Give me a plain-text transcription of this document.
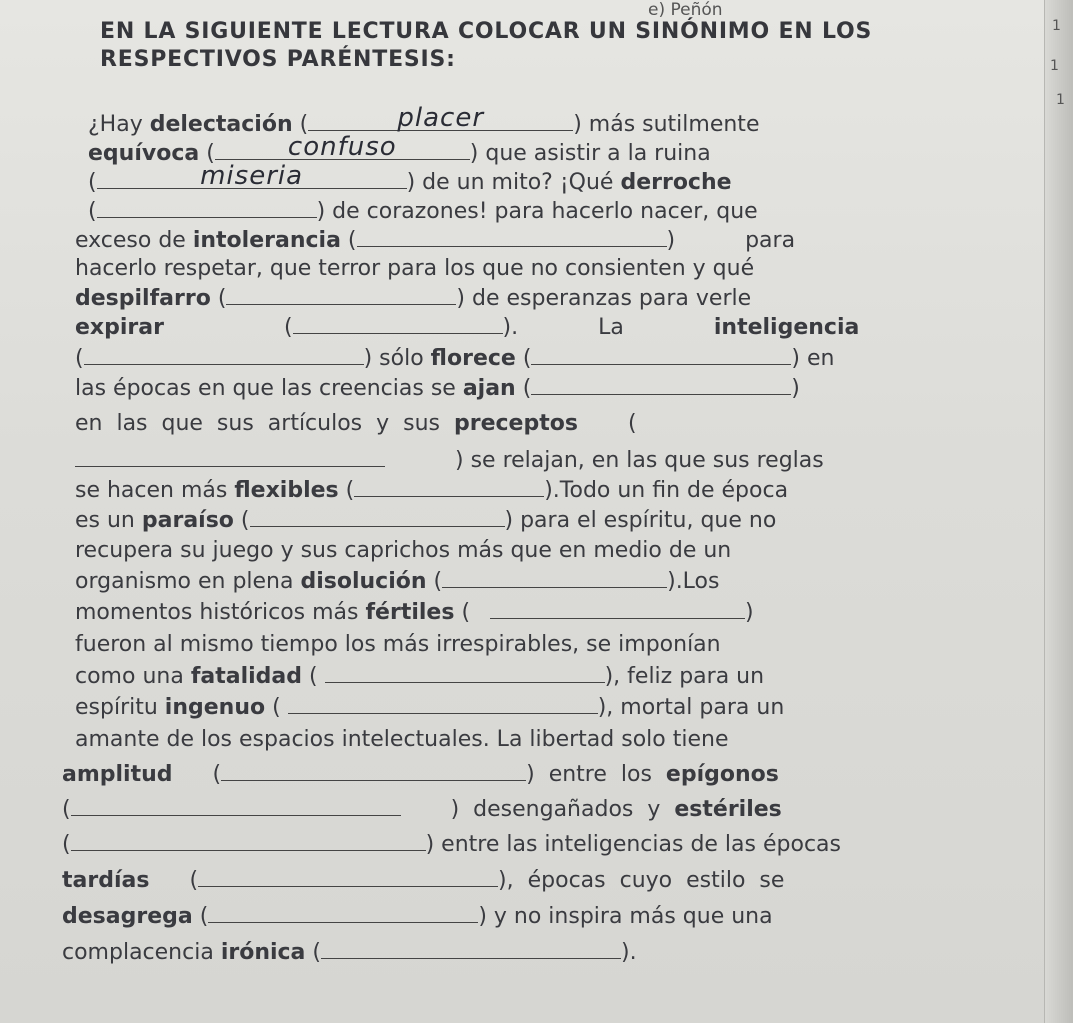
e) Peñón
1
1
1
EN LA SIGUIENTE LECTURA COLOCAR UN SINÓNIMO EN LOS RESPECTIVOS PARÉNTESIS:
¿Hay delectación (	placer	) más sutilmente
equívoca (	confuso	) que asistir a la ruina
(	miseria	) de un mito? ¡Qué derroche
(	) de corazones! para hacerlo nacer, que
exceso de intolerancia (	)	para
hacerlo respetar, que terror para los que no consienten y qué
despilfarro (	) de esperanzas para verle
expirar	(	).	La	inteligencia
(	) sólo florece (	) en
las épocas en que las creencias se ajan (	)
en  las  que  sus  artículos  y  sus  preceptos (
) se relajan, en las que sus reglas
se hacen más flexibles (	).Todo un fin de época
es un paraíso (	) para el espíritu, que no
recupera su juego y sus caprichos más que en medio de un
organismo en plena disolución (	).Los
momentos históricos más fértiles (	)
fueron al mismo tiempo los más irrespirables, se imponían
como una fatalidad (	), feliz para un
espíritu ingenuo (	), mortal para un
amante de los espacios intelectuales. La libertad solo tiene
amplitud (	)  entre  los  epígonos
(	)  desengañados  y  estériles
(	) entre las inteligencias de las épocas
tardías (	),  épocas  cuyo  estilo  se
desagrega (	) y no inspira más que una
complacencia irónica (	).
